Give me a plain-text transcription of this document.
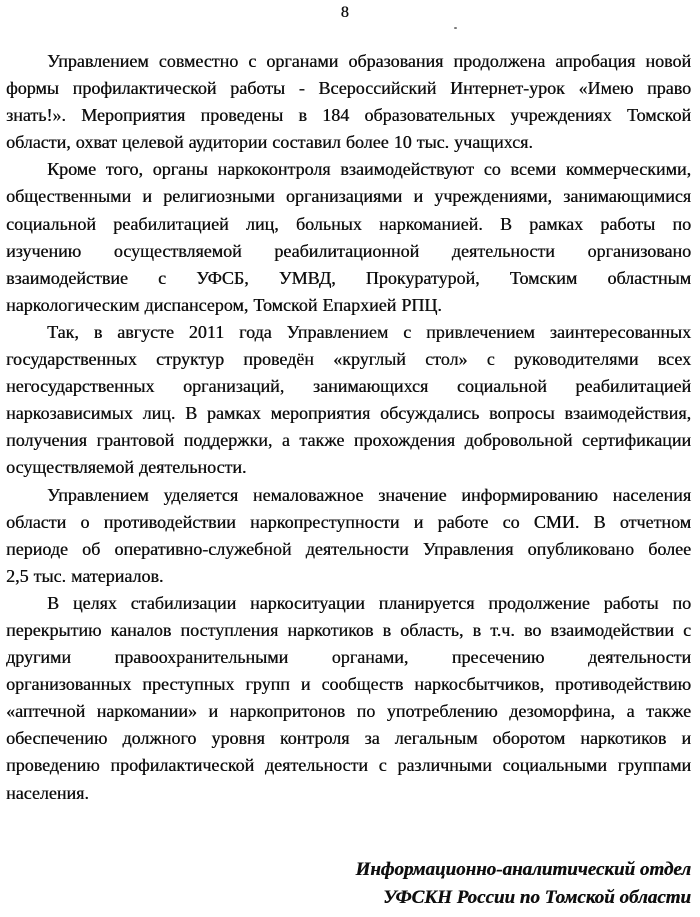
8
Управлением совместно с органами образования продолжена апробация новой
формы профилактической работы - Всероссийский Интернет-урок «Имею право
знать!». Мероприятия проведены в 184 образовательных учреждениях Томской
области, охват целевой аудитории составил более 10 тыс. учащихся.
Кроме того, органы наркоконтроля взаимодействуют со всеми коммерческими,
общественными и религиозными организациями и учреждениями, занимающимися
социальной реабилитацией лиц, больных наркоманией. В рамках работы по
изучению осуществляемой реабилитационной деятельности организовано
взаимодействие с УФСБ, УМВД, Прокуратурой, Томским областным
наркологическим диспансером, Томской Епархией РПЦ.
Так, в августе 2011 года Управлением с привлечением заинтересованных
государственных структур проведён «круглый стол» с руководителями всех
негосударственных организаций, занимающихся социальной реабилитацией
наркозависимых лиц. В рамках мероприятия обсуждались вопросы взаимодействия,
получения грантовой поддержки, а также прохождения добровольной сертификации
осуществляемой деятельности.
Управлением уделяется немаловажное значение информированию населения
области о противодействии наркопреступности и работе со СМИ. В отчетном
периоде об оперативно-служебной деятельности Управления опубликовано более
2,5 тыс. материалов.
В целях стабилизации наркоситуации планируется продолжение работы по
перекрытию каналов поступления наркотиков в область, в т.ч. во взаимодействии с
другими правоохранительными органами, пресечению деятельности
организованных преступных групп и сообществ наркосбытчиков, противодействию
«аптечной наркомании» и наркопритонов по употреблению дезоморфина, а также
обеспечению должного уровня контроля за легальным оборотом наркотиков и
проведению профилактической деятельности с различными социальными группами
населения.
Информационно-аналитический отдел
УФСКН России по Томской области
